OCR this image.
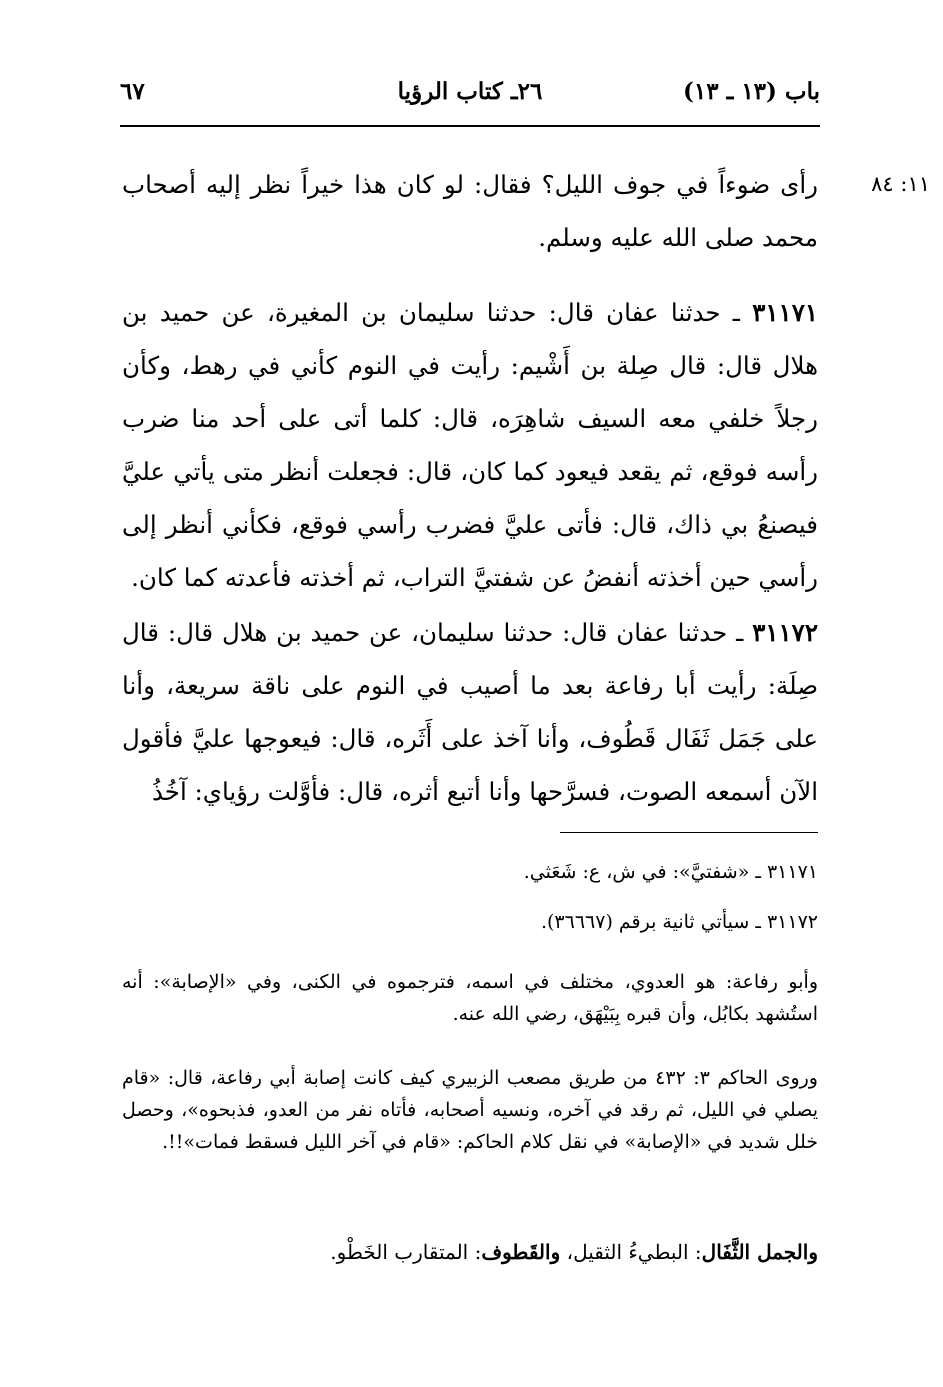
باب (١٣ ـ ١٣)
٢٦ـ كتاب الرؤيا
٦٧
١١: ٨٤
رأى ضوءاً في جوف الليل؟ فقال: لو كان هذا خيراً نظر إليه أصحاب محمد صلى الله عليه وسلم.
٣١١٧١ ـ حدثنا عفان قال: حدثنا سليمان بن المغيرة، عن حميد بن هلال قال: قال صِلة بن أَشْيم: رأيت في النوم كأني في رهط، وكأن رجلاً خلفي معه السيف شاهِرَه، قال: كلما أتى على أحد منا ضرب رأسه فوقع، ثم يقعد فيعود كما كان، قال: فجعلت أنظر متى يأتي عليَّ فيصنعُ بي ذاك، قال: فأتى عليَّ فضرب رأسي فوقع، فكأني أنظر إلى رأسي حين أخذته أنفضُ عن شفتيَّ التراب، ثم أخذته فأعدته كما كان.
٣١١٧٢ ـ حدثنا عفان قال: حدثنا سليمان، عن حميد بن هلال قال: قال صِلَة: رأيت أبا رفاعة بعد ما أصيب في النوم على ناقة سريعة، وأنا على جَمَل ثَفَال قَطُوف، وأنا آخذ على أَثَره، قال: فيعوجها عليَّ فأقول الآن أسمعه الصوت، فسرَّحها وأنا أتبع أثره، قال: فأوَّلت رؤياي: آخُذُ
٣١١٧١ ـ «شفتيَّ»: في ش، ع: شَعَثي.
٣١١٧٢ ـ سيأتي ثانية برقم (٣٦٦٦٧).
وأبو رفاعة: هو العدوي، مختلف في اسمه، فترجموه في الكنى، وفي «الإصابة»: أنه استُشهد بكابُل، وأن قبره بِبَيْهَق، رضي الله عنه.
وروى الحاكم ٣: ٤٣٢ من طريق مصعب الزبيري كيف كانت إصابة أبي رفاعة، قال: «قام يصلي في الليل، ثم رقد في آخره، ونسيه أصحابه، فأتاه نفر من العدو، فذبحوه»، وحصل خلل شديد في «الإصابة» في نقل كلام الحاكم: «قام في آخر الليل فسقط فمات»!!.
والجمل الثَّفَال: البطيءُ الثقيل، والقَطوف: المتقارب الخَطْو.
